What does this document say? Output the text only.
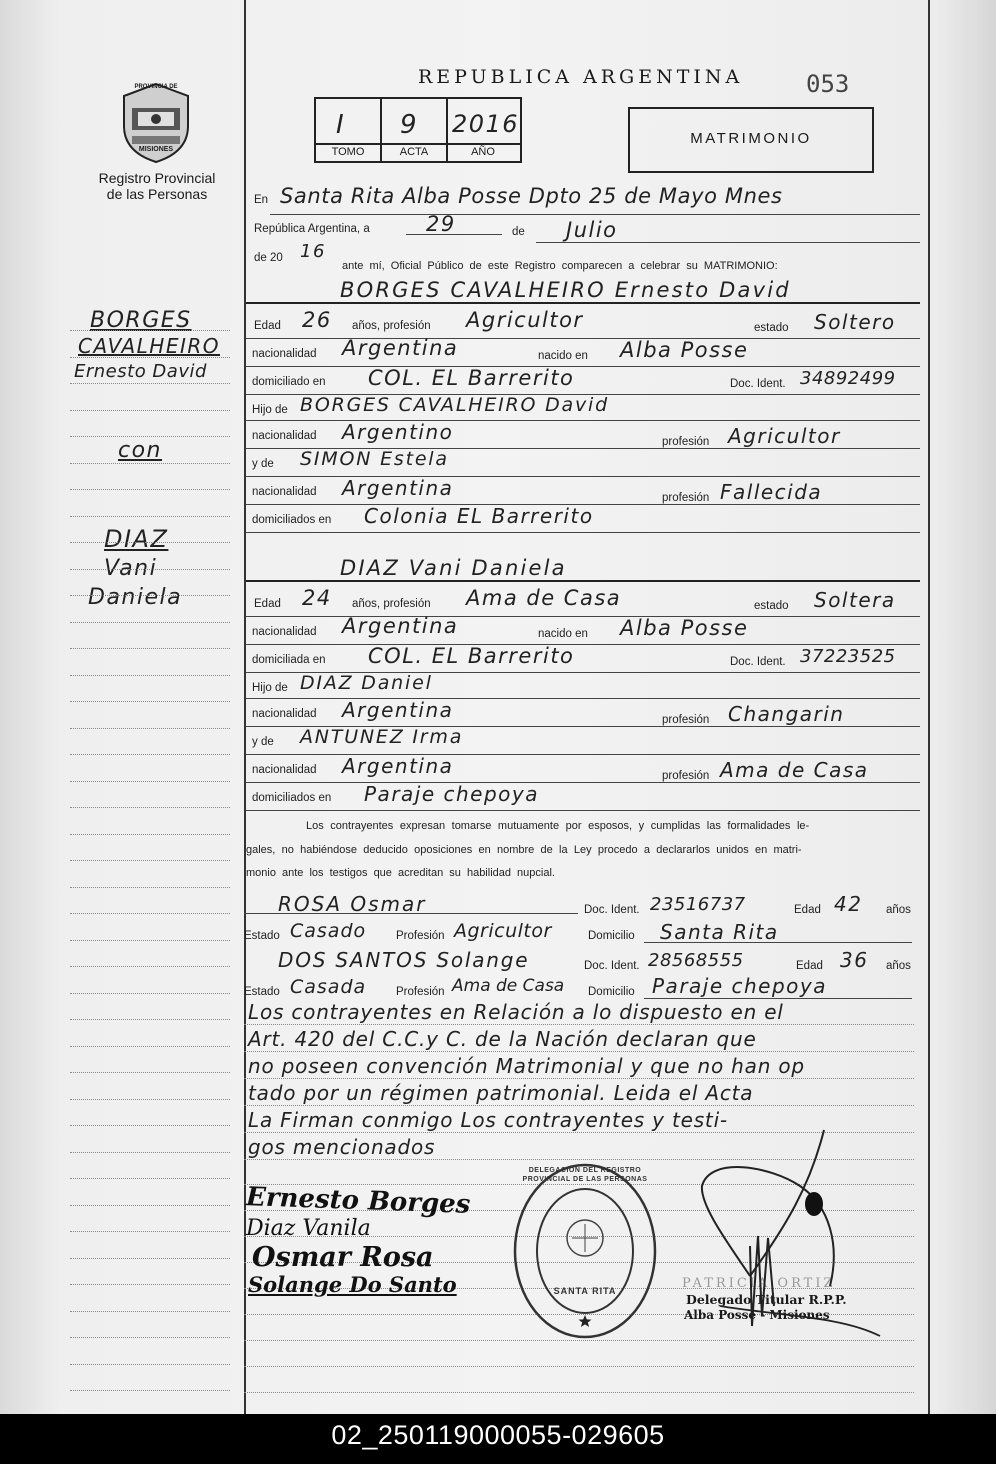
PROVINCIA DE
MISIONES
Registro Provincial
de las Personas
REPUBLICA ARGENTINA	053
I 9 2016
TOMO	ACTA	AÑO
MATRIMONIO
BORGES
CAVALHEIRO
Ernesto David
con
DIAZ
Vani
Daniela
En Santa Rita Alba Posse Dpto 25 de Mayo Mnes
República Argentina, a	29	de Julio
de 20 16
ante mí, Oficial Público de este Registro comparecen a celebrar su MATRIMONIO:
BORGES CAVALHEIRO Ernesto David
Edad 26 años, profesión Agricultor	estado Soltero
nacionalidad Argentina	nacido en Alba Posse
domiciliado en COL. EL Barrerito	Doc. Ident. 34892499
Hijo de BORGES CAVALHEIRO David
nacionalidad Argentino	profesión Agricultor
y de SIMON Estela
nacionalidad Argentina	profesión Fallecida
domiciliados en Colonia EL Barrerito
DIAZ Vani Daniela
Edad 24 años, profesión Ama de Casa	estado Soltera
nacionalidad Argentina	nacido en Alba Posse
domiciliada en COL. EL Barrerito	Doc. Ident. 37223525
Hijo de DIAZ Daniel
nacionalidad Argentina	profesión Changarin
y de ANTUNEZ Irma
nacionalidad Argentina	profesión Ama de Casa
domiciliados en Paraje chepoya
Los contrayentes expresan tomarse mutuamente por esposos, y cumplidas las formalidades le-
gales, no habiéndose deducido oposiciones en nombre de la Ley procedo a declararlos unidos en matri-
monio ante los testigos que acreditan su habilidad nupcial.
ROSA Osmar	Doc. Ident. 23516737	Edad 42 años
Estado Casado	Profesión Agricultor	Domicilio Santa Rita
DOS SANTOS Solange	Doc. Ident. 28568555	Edad 36 años
Estado Casada	Profesión Ama de Casa Domicilio Paraje chepoya
Los contrayentes en Relación a lo dispuesto en el
Art. 420 del C.C.y C. de la Nación declaran que
no poseen convención Matrimonial y que no han op
tado por un régimen patrimonial. Leida el Acta
La Firman conmigo Los contrayentes y testi-
gos mencionados
Ernesto Borges
Diaz Vanila
Osmar Rosa
Solange Do Santo
DELEGACION DEL REGISTRO PROVINCIAL DE LAS PERSONAS
SANTA RITA	PATRICIA ORTIZ
Delegado Titular R.P.P.
Alba Posse - Misiones
02_250119000055-029605
